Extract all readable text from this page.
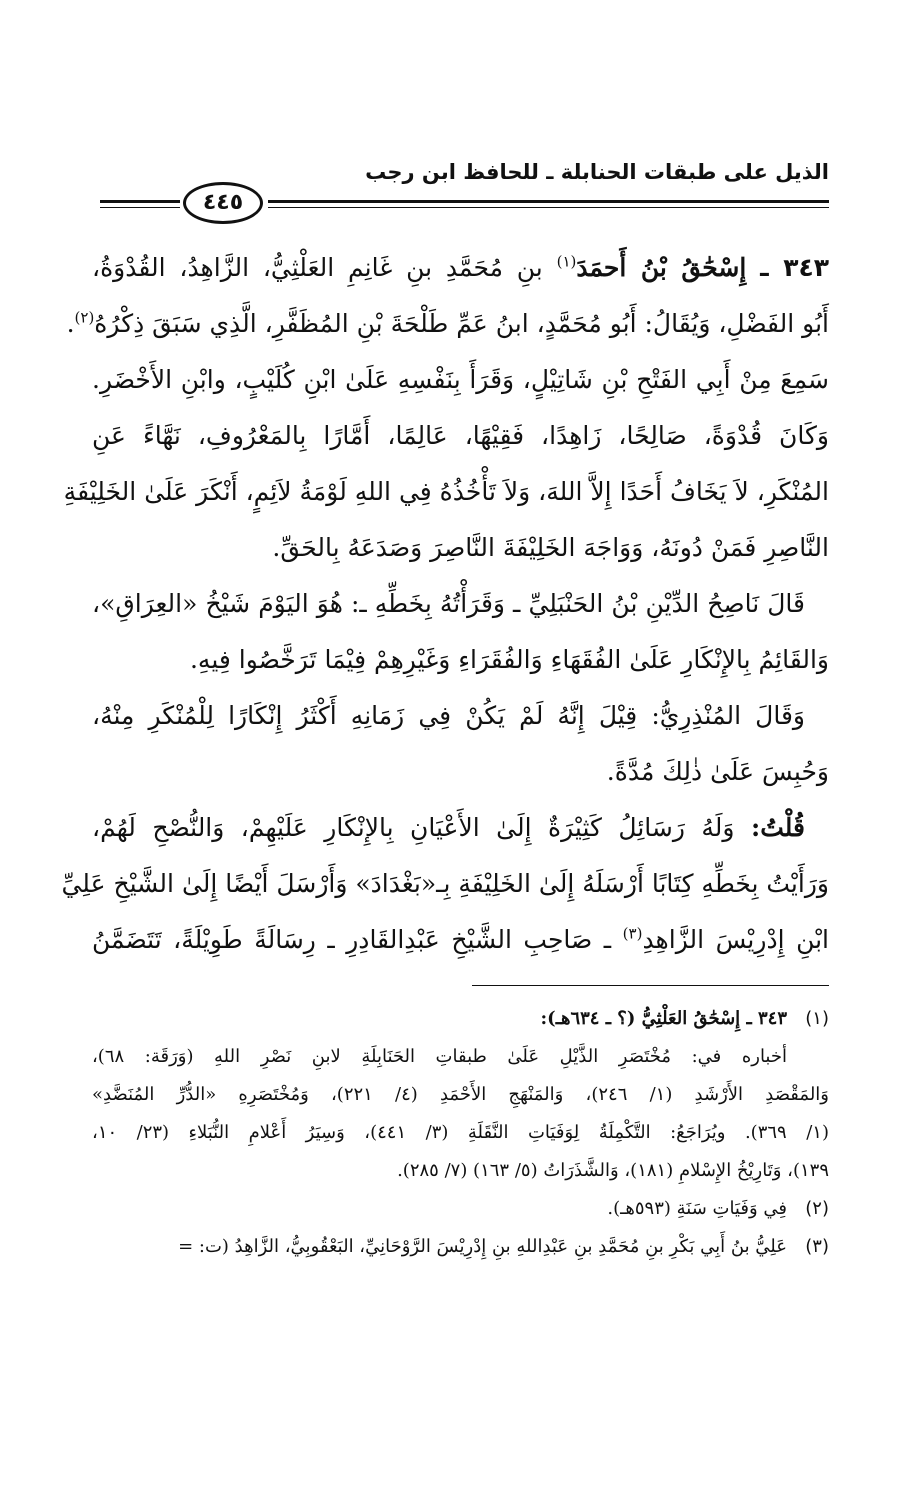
الذيل على طبقات الحنابلة ـ للحافظ ابن رجب
٤٤٥
٣٤٣ ـ إِسْحَٰقُ بْنُ أَحمَدَ$^{(١)}$ بنِ مُحَمَّدِ بنِ غَانِمِ العَلْثِيُّ، الزَّاهِدُ، القُدْوَةُ،
أَبُو الفَضْلِ، وَيُقَالُ: أَبُو مُحَمَّدٍ، ابنُ عَمِّ طَلْحَةَ بْنِ المُظَفَّرِ، الَّذِي سَبَقَ ذِكْرُهُ$^{(٢)}$.
سَمِعَ مِنْ أَبِي الفَتْحِ بْنِ شَاتِيْلٍ، وَقَرَأَ بِنَفْسِهِ عَلَىٰ ابْنِ كُلَيْبٍ، وابْنِ الأَخْضَرِ.
وَكَانَ قُدْوَةً، صَالِحًا، زَاهِدًا، فَقِيْهًا، عَالِمًا، أَمَّارًا بِالمَعْرُوفِ، نَهَّاءً عَنِ
المُنْكَرِ، لاَ يَخَافُ أَحَدًا إِلاَّ اللهَ، وَلاَ تَأْخُذُهُ فِي اللهِ لَوْمَةُ لاَئِمٍ، أَنْكَرَ عَلَىٰ الخَلِيْفَةِ
النَّاصِرِ فَمَنْ دُونَهُ، وَوَاجَهَ الخَلِيْفَةَ النَّاصِرَ وَصَدَعَهُ بِالحَقِّ.
قَالَ نَاصِحُ الدِّيْنِ بْنُ الحَنْبَلِيِّ ـ وَقَرَأْتُهُ بِخَطِّهِ ـ: هُوَ اليَوْمَ شَيْخُ «العِرَاقِ»،
وَالقَائِمُ بِالإِنْكَارِ عَلَىٰ الفُقَهَاءِ وَالفُقَرَاءِ وَغَيْرِهِمْ فِيْمَا تَرَخَّصُوا فِيهِ.
وَقَالَ المُنْذِرِيُّ: قِيْلَ إِنَّهُ لَمْ يَكُنْ فِي زَمَانِهِ أَكْثَرُ إِنْكَارًا لِلْمُنْكَرِ مِنْهُ،
وَحُبِسَ عَلَىٰ ذٰلِكَ مُدَّةً.
قُلْتُ: وَلَهُ رَسَائِلُ كَثِيْرَةٌ إِلَىٰ الأَعْيَانِ بِالإِنْكَارِ عَلَيْهِمْ، وَالنُّصْحِ لَهُمْ،
وَرَأَيْتُ بِخَطِّهِ كِتَابًا أَرْسَلَهُ إِلَىٰ الخَلِيْفَةِ بِـ«بَغْدَادَ» وَأَرْسَلَ أَيْضًا إِلَىٰ الشَّيْخِ عَلِيِّ
ابْنِ إِدْرِيْسَ الزَّاهِدِ$^{(٣)}$ ـ صَاحِبِ الشَّيْخِ عَبْدِالقَادِرِ ـ رِسَالَةً طَوِيْلَةً، تَتَضَمَّنُ
(١)٣٤٣ ـ إِسْحَٰقُ العَلْثِيُّ (؟ ـ ٦٣٤هـ):
أخباره في: مُخْتَصَرِ الذَّيْلِ عَلَىٰ طبقاتِ الحَنَابِلَةِ لابنِ نَصْرِ اللهِ (وَرَقَة: ٦٨)،
وَالمَقْصَدِ الأَرْشَدِ (١/ ٢٤٦)، وَالمَنْهَجِ الأَحْمَدِ (٤/ ٢٢١)، وَمُخْتَصَرِهِ «الدُّرِّ المُنَضَّدِ»
(١/ ٣٦٩). ويُرَاجَعُ: التَّكْمِلَةُ لِوَفَيَاتِ النَّقَلَةِ (٣/ ٤٤١)، وَسِيَرُ أَعْلامِ النُّبَلاءِ (٢٣/ ١٠،
١٣٩)، وَتَارِيْخُ الإِسْلامِ (١٨١)، وَالشَّذَرَاتُ (٥/ ١٦٣) (٧/ ٢٨٥).
(٢)فِي وَفَيَاتِ سَنَةِ (٥٩٣هـ).
(٣)عَلِيُّ بنُ أَبِي بَكْرِ بنِ مُحَمَّدِ بنِ عَبْدِاللهِ بنِ إِدْرِيْسَ الرَّوْحَانِيِّ، البَعْقُوبِيُّ، الزَّاهِدُ (ت: =
